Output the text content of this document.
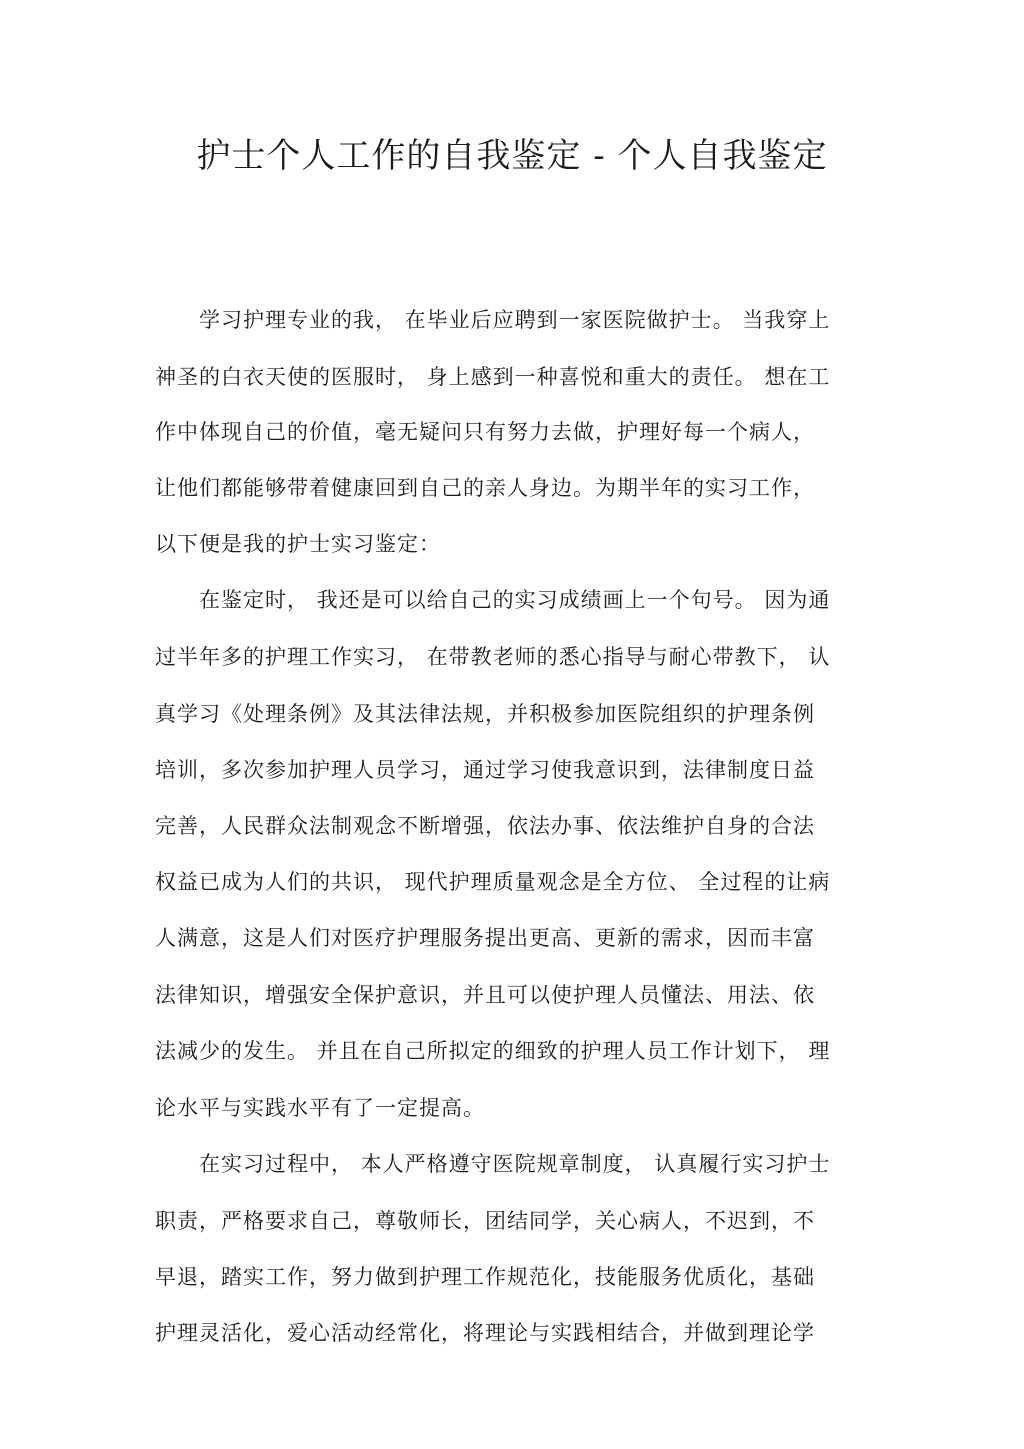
护士个人工作的自我鉴定 - 个人自我鉴定
　　学习护理专业的我， 在毕业后应聘到一家医院做护士。 当我穿上
神圣的白衣天使的医服时， 身上感到一种喜悦和重大的责任。 想在工
作中体现自己的价值，毫无疑问只有努力去做，护理好每一个病人，
让他们都能够带着健康回到自己的亲人身边。为期半年的实习工作，
以下便是我的护士实习鉴定：
　　在鉴定时， 我还是可以给自己的实习成绩画上一个句号。 因为通
过半年多的护理工作实习， 在带教老师的悉心指导与耐心带教下， 认
真学习《处理条例》及其法律法规，并积极参加医院组织的护理条例
培训，多次参加护理人员学习，通过学习使我意识到，法律制度日益
完善，人民群众法制观念不断增强，依法办事、依法维护自身的合法
权益已成为人们的共识， 现代护理质量观念是全方位、 全过程的让病
人满意，这是人们对医疗护理服务提出更高、更新的需求，因而丰富
法律知识，增强安全保护意识，并且可以使护理人员懂法、用法、依
法减少的发生。 并且在自己所拟定的细致的护理人员工作计划下， 理
论水平与实践水平有了一定提高。
　　在实习过程中， 本人严格遵守医院规章制度， 认真履行实习护士
职责，严格要求自己，尊敬师长，团结同学，关心病人，不迟到，不
早退，踏实工作，努力做到护理工作规范化，技能服务优质化，基础
护理灵活化，爱心活动经常化，将理论与实践相结合，并做到理论学
